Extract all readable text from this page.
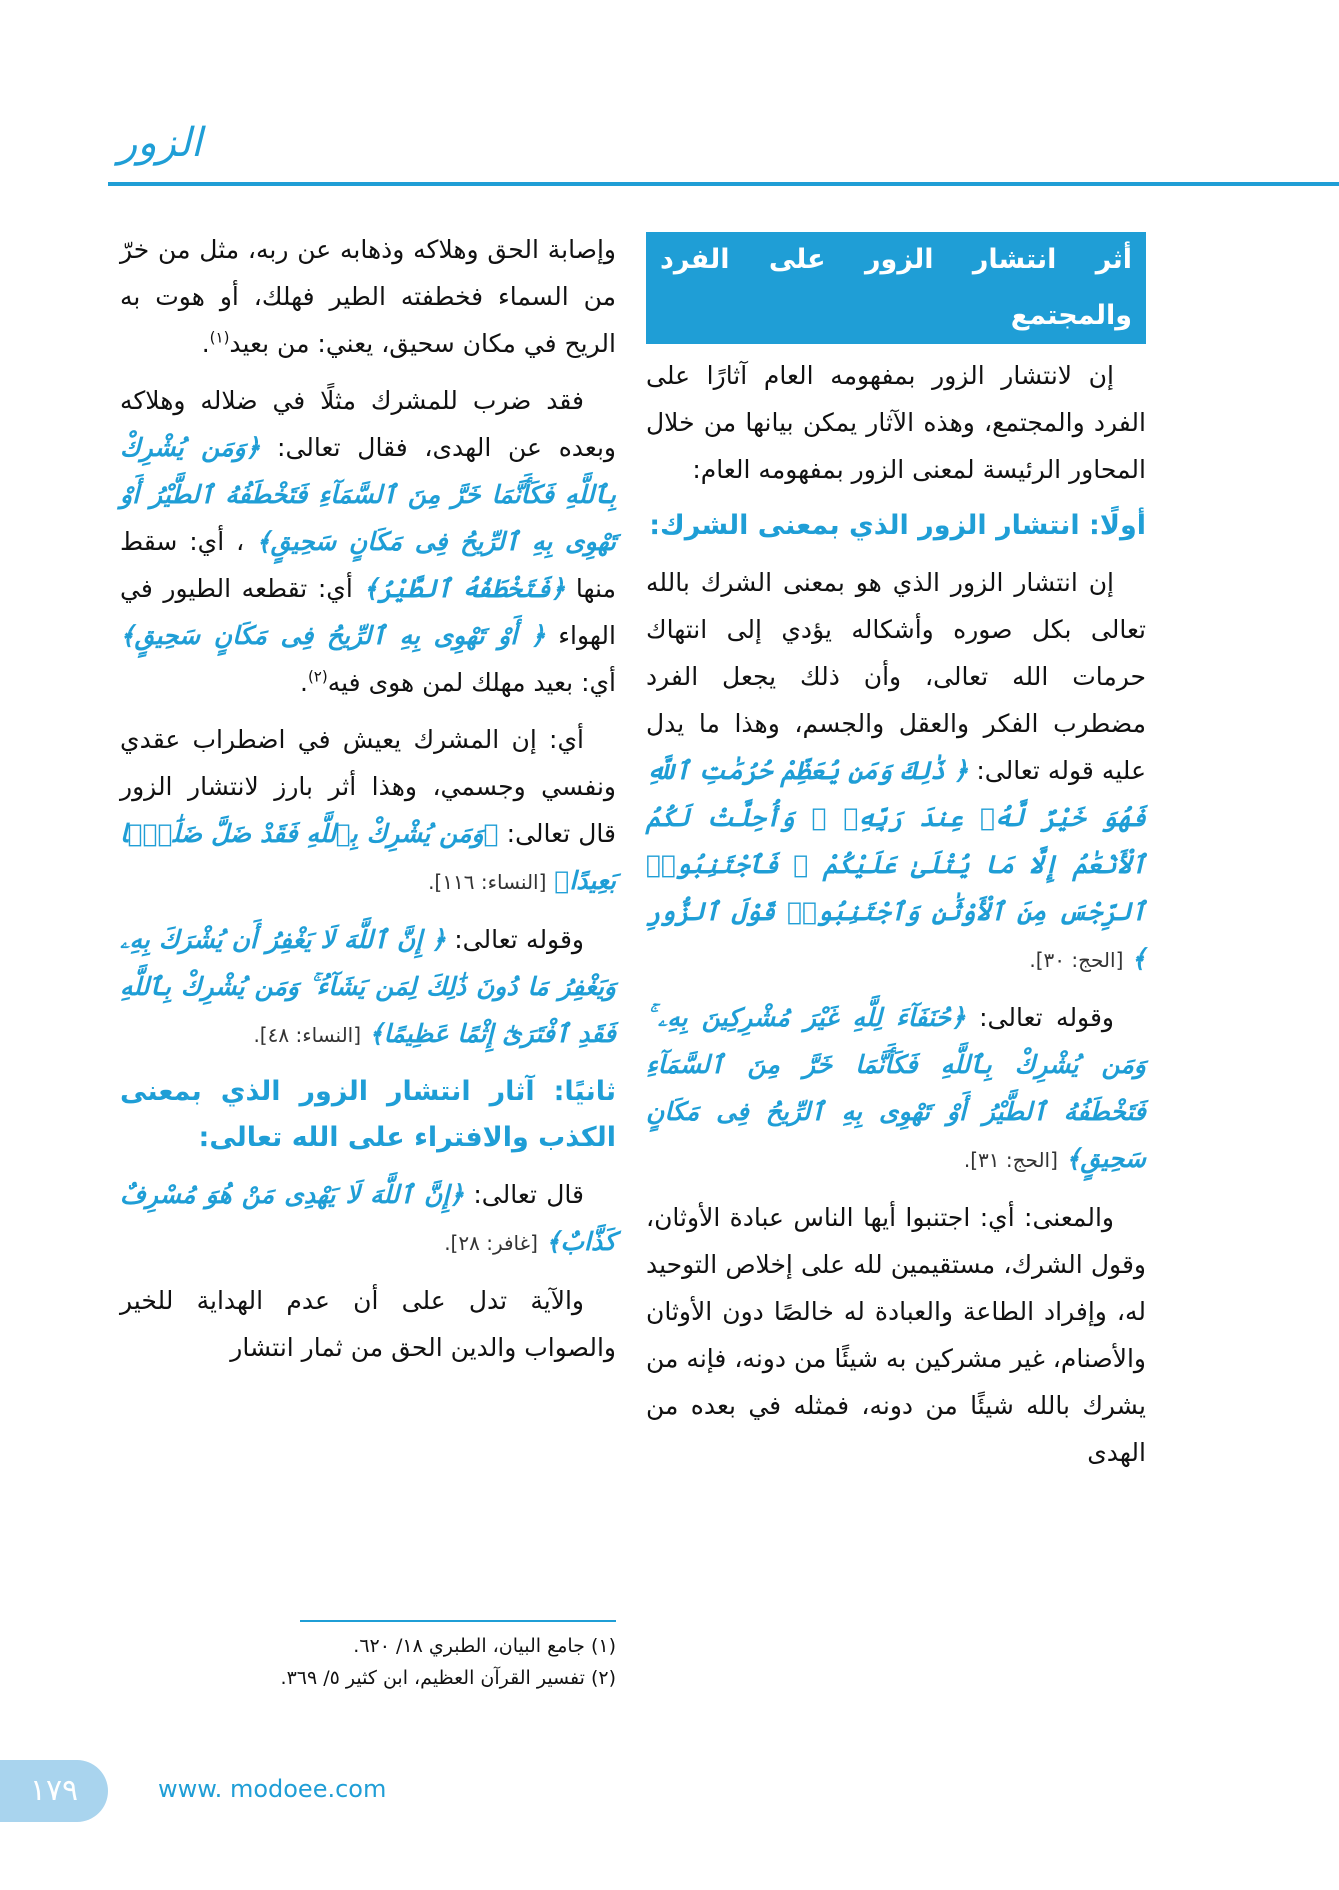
الزور
أثر انتشار الزور على الفرد والمجتمع

إن لانتشار الزور بمفهومه العام آثارًا على الفرد والمجتمع، وهذه الآثار يمكن بيانها من خلال المحاور الرئيسة لمعنى الزور بمفهومه العام:

أولًا: انتشار الزور الذي بمعنى الشرك:

إن انتشار الزور الذي هو بمعنى الشرك بالله تعالى بكل صوره وأشكاله يؤدي إلى انتهاك حرمات الله تعالى، وأن ذلك يجعل الفرد مضطرب الفكر والعقل والجسم، وهذا ما يدل عليه قوله تعالى: ﴿ ذَٰلِكَ وَمَن يُعَظِّمْ حُرُمَٰتِ ٱللَّهِ فَهُوَ خَيْرٌ لَّهُۥ عِندَ رَبِّهِۦ ۗ وَأُحِلَّتْ لَكُمُ ٱلْأَنْعَٰمُ إِلَّا مَا يُتْلَىٰ عَلَيْكُمْ ۖ فَٱجْتَنِبُوا۟ ٱلرِّجْسَ مِنَ ٱلْأَوْثَٰنِ وَٱجْتَنِبُوا۟ قَوْلَ ٱلزُّورِ ﴾ [الحج: ٣٠].

وقوله تعالى: ﴿حُنَفَآءَ لِلَّهِ غَيْرَ مُشْرِكِينَ بِهِۦ ۚ وَمَن يُشْرِكْ بِٱللَّهِ فَكَأَنَّمَا خَرَّ مِنَ ٱلسَّمَآءِ فَتَخْطَفُهُ ٱلطَّيْرُ أَوْ تَهْوِى بِهِ ٱلرِّيحُ فِى مَكَانٍ سَحِيقٍ﴾ [الحج: ٣١].

والمعنى: أي: اجتنبوا أيها الناس عبادة الأوثان، وقول الشرك، مستقيمين لله على إخلاص التوحيد له، وإفراد الطاعة والعبادة له خالصًا دون الأوثان والأصنام، غير مشركين به شيئًا من دونه، فإنه من يشرك بالله شيئًا من دونه، فمثله في بعده من الهدى

وإصابة الحق وهلاكه وذهابه عن ربه، مثل من خرّ من السماء فخطفته الطير فهلك، أو هوت به الريح في مكان سحيق، يعني: من بعيد$^{(١)}$.

فقد ضرب للمشرك مثلًا في ضلاله وهلاكه وبعده عن الهدى، فقال تعالى: ﴿وَمَن يُشْرِكْ بِٱللَّهِ فَكَأَنَّمَا خَرَّ مِنَ ٱلسَّمَآءِ فَتَخْطَفُهُ ٱلطَّيْرُ أَوْ تَهْوِى بِهِ ٱلرِّيحُ فِى مَكَانٍ سَحِيقٍ﴾ ، أي: سقط منها ﴿فَتَخْطَفُهُ ٱلطَّيْرُ﴾ أي: تقطعه الطيور في الهواء ﴿ أَوْ تَهْوِى بِهِ ٱلرِّيحُ فِى مَكَانٍ سَحِيقٍ﴾ أي: بعيد مهلك لمن هوى فيه$^{(٢)}$.

أي: إن المشرك يعيش في اضطراب عقدي ونفسي وجسمي، وهذا أثر بارز لانتشار الزور قال تعالى: ﴿وَمَن يُشْرِكْ بِٱللَّهِ فَقَدْ ضَلَّ ضَلَٰلًۢا بَعِيدًا﴾ [النساء: ١١٦].

وقوله تعالى: ﴿ إِنَّ ٱللَّهَ لَا يَغْفِرُ أَن يُشْرَكَ بِهِۦ وَيَغْفِرُ مَا دُونَ ذَٰلِكَ لِمَن يَشَآءُ ۚ وَمَن يُشْرِكْ بِٱللَّهِ فَقَدِ ٱفْتَرَىٰٓ إِثْمًا عَظِيمًا﴾ [النساء: ٤٨].

ثانيًا: آثار انتشار الزور الذي بمعنى الكذب والافتراء على الله تعالى:

قال تعالى: ﴿إِنَّ ٱللَّهَ لَا يَهْدِى مَنْ هُوَ مُسْرِفٌ كَذَّابٌ﴾ [غافر: ٢٨].

والآية تدل على أن عدم الهداية للخير والصواب والدين الحق من ثمار انتشار

(١) جامع البيان، الطبري ١٨/ ٦٢٠.
(٢) تفسير القرآن العظيم، ابن كثير ٥/ ٣٦٩.
١٧٩	www. modoee.com
